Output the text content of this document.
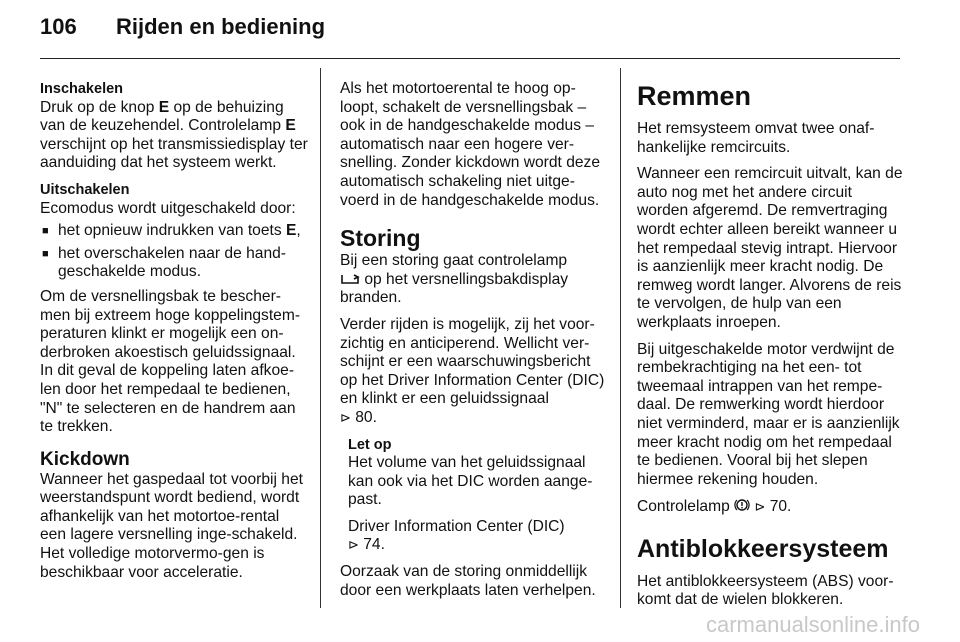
106 Rijden en bediening

Inschakelen

Druk op de knop E op de behuizing van de keuzehendel. Controlelamp E verschijnt op het transmissiedisplay ter aanduiding dat het systeem werkt.

Uitschakelen

Ecomodus wordt uitgeschakeld door:

■ het opnieuw indrukken van toets E,
■ het overschakelen naar de hand-geschakelde modus.

Om de versnellingsbak te bescher-men bij extreem hoge koppelingstem-peraturen klinkt er mogelijk een on-derbroken akoestisch geluidssignaal. In dit geval de koppeling laten afkoe-len door het rempedaal te bedienen, "N" te selecteren en de handrem aan te trekken.

Kickdown

Wanneer het gaspedaal tot voorbij het weerstandspunt wordt bediend, wordt afhankelijk van het motortoe-rental een lagere versnelling inge-schakeld. Het volledige motorvermo-gen is beschikbaar voor acceleratie.

Als het motortoerental te hoog op-loopt, schakelt de versnellingsbak – ook in de handgeschakelde modus – automatisch naar een hogere ver-snelling. Zonder kickdown wordt deze automatisch schakeling niet uitge-voerd in de handgeschakelde modus.

Storing

Bij een storing gaat controlelamp
op het versnellingsbakdisplay branden.

Verder rijden is mogelijk, zij het voor-zichtig en anticiperend. Wellicht ver-schijnt er een waarschuwingsbericht op het Driver Information Center (DIC) en klinkt er een geluidssignaal
⊳ 80.

Let op

Het volume van het geluidssignaal kan ook via het DIC worden aange-past.

Driver Information Center (DIC)
⊳ 74.

Oorzaak van de storing onmiddellijk door een werkplaats laten verhelpen.

Remmen

Het remsysteem omvat twee onaf-hankelijke remcircuits.

Wanneer een remcircuit uitvalt, kan de auto nog met het andere circuit worden afgeremd. De remvertraging wordt echter alleen bereikt wanneer u het rempedaal stevig intrapt. Hiervoor is aanzienlijk meer kracht nodig. De remweg wordt langer. Alvorens de reis te vervolgen, de hulp van een werkplaats inroepen.

Bij uitgeschakelde motor verdwijnt de rembekrachtiging na het een- tot tweemaal intrappen van het rempe-daal. De remwerking wordt hierdoor niet verminderd, maar er is aanzienlijk meer kracht nodig om het rempedaal te bedienen. Vooral bij het slepen hiermee rekening houden.

Controlelamp ⊳ 70.

Antiblokkeersysteem

Het antiblokkeersysteem (ABS) voor-komt dat de wielen blokkeren.

carmanualsonline.info
